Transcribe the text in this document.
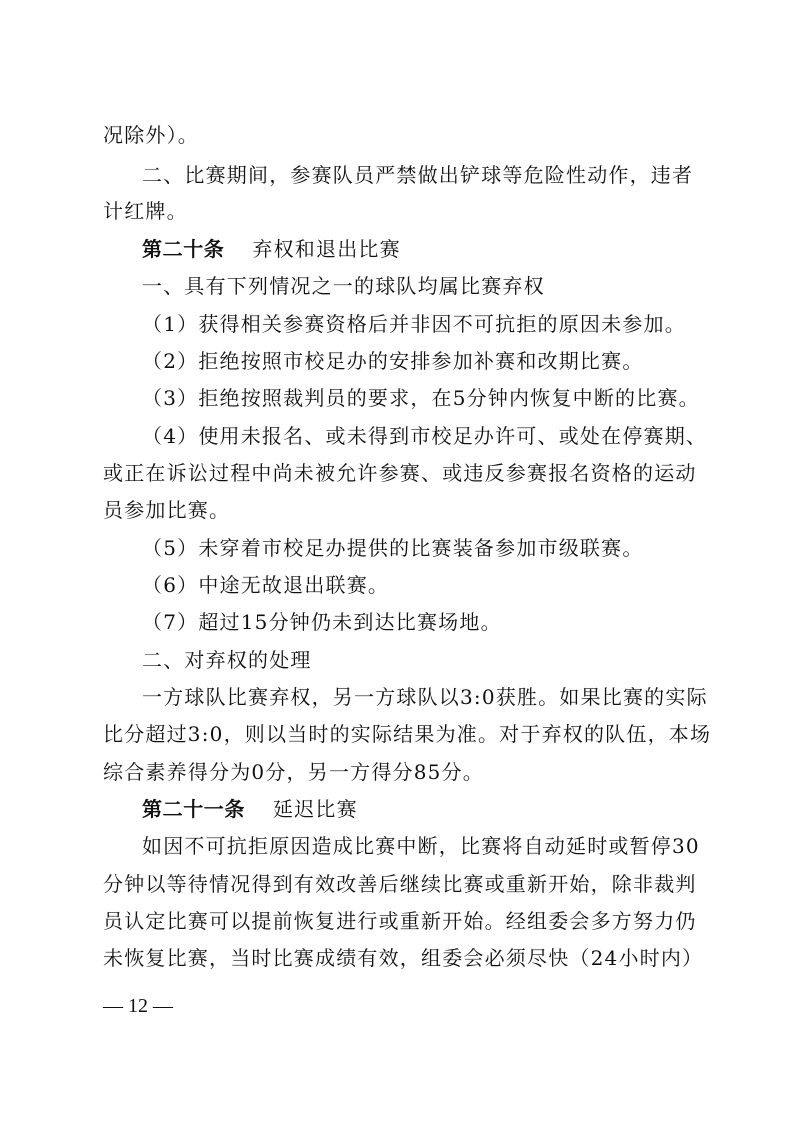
况除外）。
二、比赛期间，参赛队员严禁做出铲球等危险性动作，违者
计红牌。
第二十条 弃权和退出比赛
一、具有下列情况之一的球队均属比赛弃权
（1）获得相关参赛资格后并非因不可抗拒的原因未参加。
（2）拒绝按照市校足办的安排参加补赛和改期比赛。
（3）拒绝按照裁判员的要求，在5分钟内恢复中断的比赛。
（4）使用未报名、或未得到市校足办许可、或处在停赛期、
或正在诉讼过程中尚未被允许参赛、或违反参赛报名资格的运动
员参加比赛。
（5）未穿着市校足办提供的比赛装备参加市级联赛。
（6）中途无故退出联赛。
（7）超过15分钟仍未到达比赛场地。
二、对弃权的处理
一方球队比赛弃权，另一方球队以3:0获胜。如果比赛的实际
比分超过3:0，则以当时的实际结果为准。对于弃权的队伍，本场
综合素养得分为0分，另一方得分85分。
第二十一条 延迟比赛
如因不可抗拒原因造成比赛中断，比赛将自动延时或暂停30
分钟以等待情况得到有效改善后继续比赛或重新开始，除非裁判
员认定比赛可以提前恢复进行或重新开始。经组委会多方努力仍
未恢复比赛，当时比赛成绩有效，组委会必须尽快（24小时内）
— 12 —
